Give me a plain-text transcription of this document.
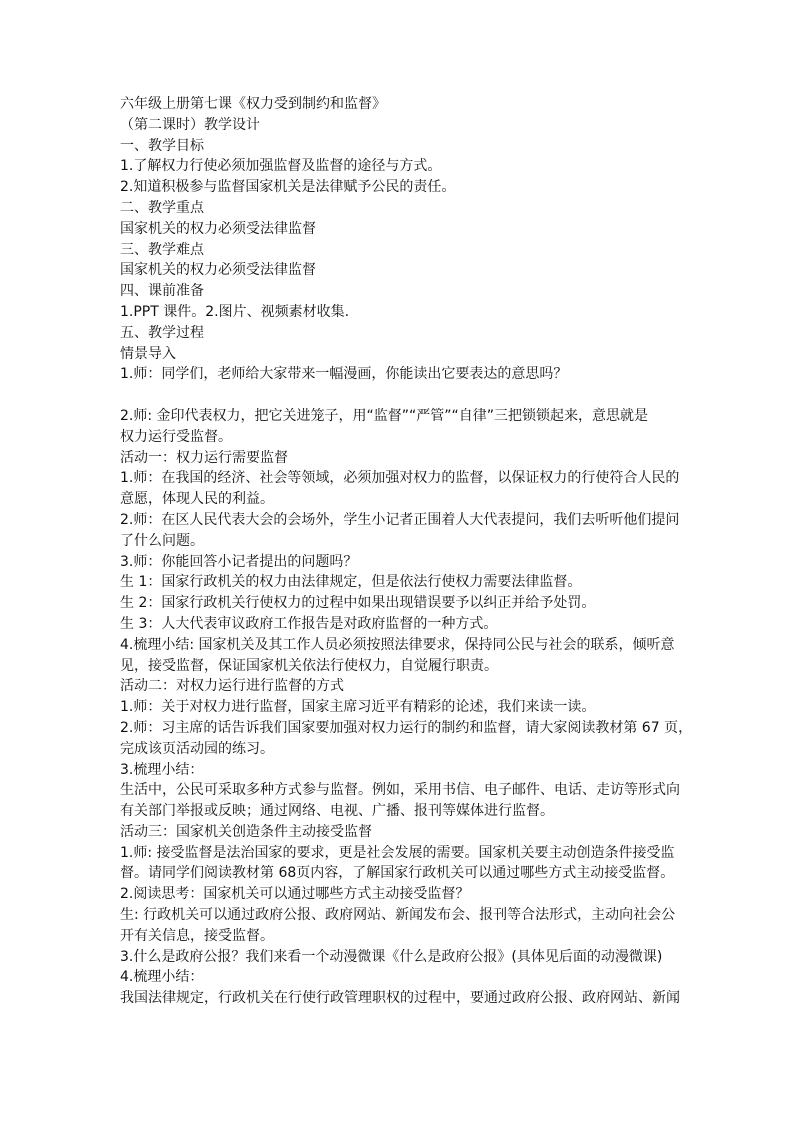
六年级上册第七课《权力受到制约和监督》
（第二课时）教学设计
一、教学目标
1.了解权力行使必须加强监督及监督的途径与方式。
2.知道积极参与监督国家机关是法律赋予公民的责任。
二、教学重点
国家机关的权力必须受法律监督
三、教学难点
国家机关的权力必须受法律监督
四、课前准备
1.PPT 课件。2.图片、视频素材收集.
五、教学过程
情景导入
1.师：同学们，老师给大家带来一幅漫画，你能读出它要表达的意思吗？
2.师: 金印代表权力，把它关进笼子，用“监督”“严管”“自律”三把锁锁起来，意思就是
权力运行受监督。
活动一：权力运行需要监督
1.师：在我国的经济、社会等领域，必须加强对权力的监督，以保证权力的行使符合人民的
意愿，体现人民的利益。
2.师：在区人民代表大会的会场外，学生小记者正围着人大代表提问，我们去听听他们提问
了什么问题。
3.师：你能回答小记者提出的问题吗？
生 1：国家行政机关的权力由法律规定，但是依法行使权力需要法律监督。
生 2：国家行政机关行使权力的过程中如果出现错误要予以纠正并给予处罚。
生 3：人大代表审议政府工作报告是对政府监督的一种方式。
4.梳理小结: 国家机关及其工作人员必须按照法律要求，保持同公民与社会的联系，倾听意
见，接受监督，保证国家机关依法行使权力，自觉履行职责。
活动二：对权力运行进行监督的方式
1.师：关于对权力进行监督，国家主席习近平有精彩的论述，我们来读一读。
2.师：习主席的话告诉我们国家要加强对权力运行的制约和监督，请大家阅读教材第 67 页，
完成该页活动园的练习。
3.梳理小结：
生活中，公民可采取多种方式参与监督。例如，采用书信、电子邮件、电话、走访等形式向
有关部门举报或反映；通过网络、电视、广播、报刊等媒体进行监督。
活动三：国家机关创造条件主动接受监督
1.师: 接受监督是法治国家的要求，更是社会发展的需要。国家机关要主动创造条件接受监
督。请同学们阅读教材第 68页内容，了解国家行政机关可以通过哪些方式主动接受监督。
2.阅读思考：国家机关可以通过哪些方式主动接受监督？
生: 行政机关可以通过政府公报、政府网站、新闻发布会、报刊等合法形式，主动向社会公
开有关信息，接受监督。
3.什么是政府公报？我们来看一个动漫微课《什么是政府公报》(具体见后面的动漫微课)
4.梳理小结：
我国法律规定，行政机关在行使行政管理职权的过程中，要通过政府公报、政府网站、新闻
